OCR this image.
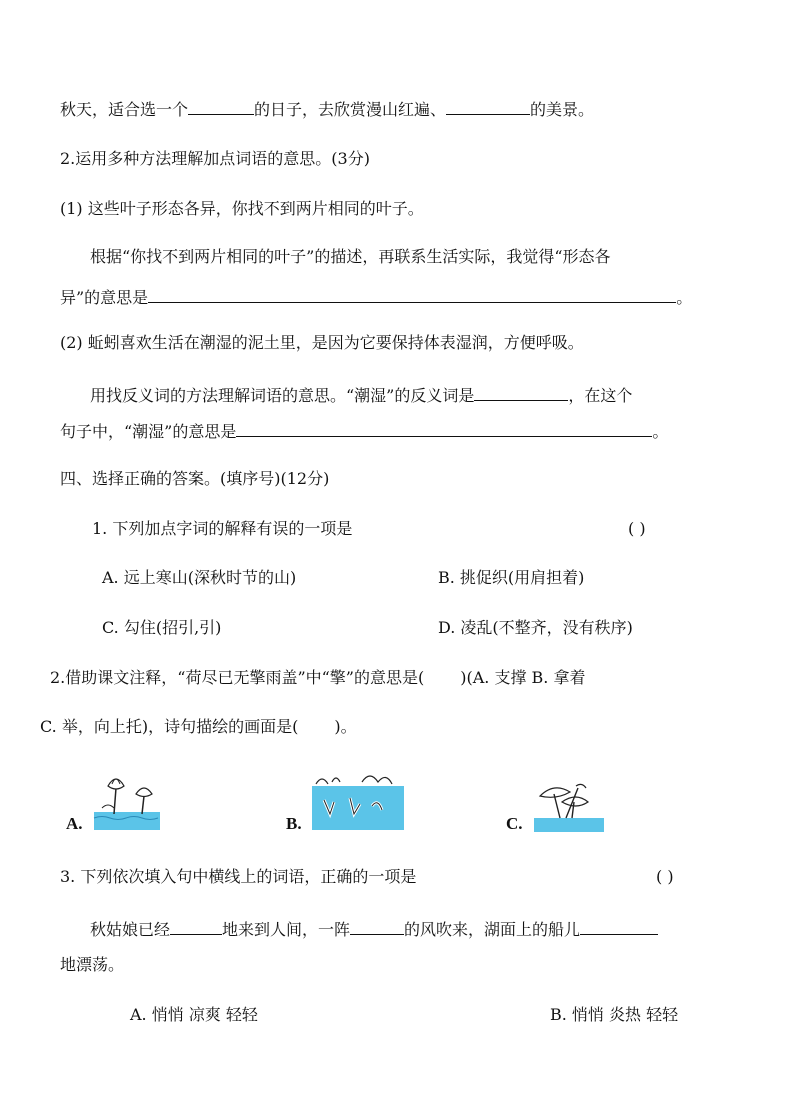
秋天，适合选一个	的日子，去欣赏漫山红遍、	的美景。
2.运用多种方法理解加点词语的意思。(3分)
(1) 这些叶子形态各异，你找不到两片相同的叶子。
根据“你找不到两片相同的叶子”的描述，再联系生活实际，我觉得“形态各
异”的意思是	。
(2) 蚯蚓喜欢生活在潮湿的泥土里，是因为它要保持体表湿润，方便呼吸。
用找反义词的方法理解词语的意思。“潮湿”的反义词是	，在这个
句子中，“潮湿”的意思是	。
四、选择正确的答案。(填序号)(12分)
1. 下列加点字词的解释有误的一项是	( )
A. 远上寒山(深秋时节的山)	B. 挑促织(用肩担着)
C. 勾住(招引,引)	D. 凌乱(不整齐，没有秩序)
2.借助课文注释，“荷尽已无擎雨盖”中“擎”的意思是( )(A. 支撑 B. 拿着
C. 举，向上托)，诗句描绘的画面是( )。
A.	B.	C.
3. 下列依次填入句中横线上的词语，正确的一项是	( )
秋姑娘已经	地来到人间，一阵	的风吹来，湖面上的船儿
地漂荡。
A. 悄悄 凉爽 轻轻	B. 悄悄 炎热 轻轻
